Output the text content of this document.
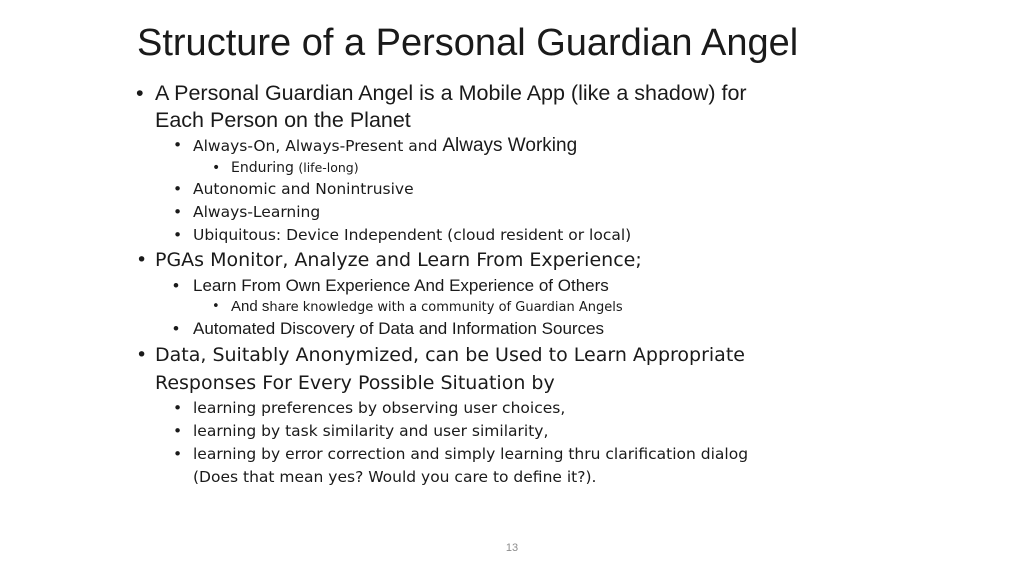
Structure of a Personal Guardian Angel
• A Personal Guardian Angel is a Mobile App (like a shadow) for
Each Person on the Planet
• Always-On, Always-Present and Always Working
• Enduring (life-long)
• Autonomic and Nonintrusive
• Always-Learning
• Ubiquitous: Device Independent (cloud resident or local)
• PGAs Monitor, Analyze and Learn From Experience;
• Learn From Own Experience And Experience of Others
• And share knowledge with a community of Guardian Angels
• Automated Discovery of Data and Information Sources
• Data, Suitably Anonymized, can be Used to Learn Appropriate
Responses For Every Possible Situation by
• learning preferences by observing user choices,
• learning by task similarity and user similarity,
• learning by error correction and simply learning thru clarification dialog
(Does that mean yes? Would you care to define it?).
13
